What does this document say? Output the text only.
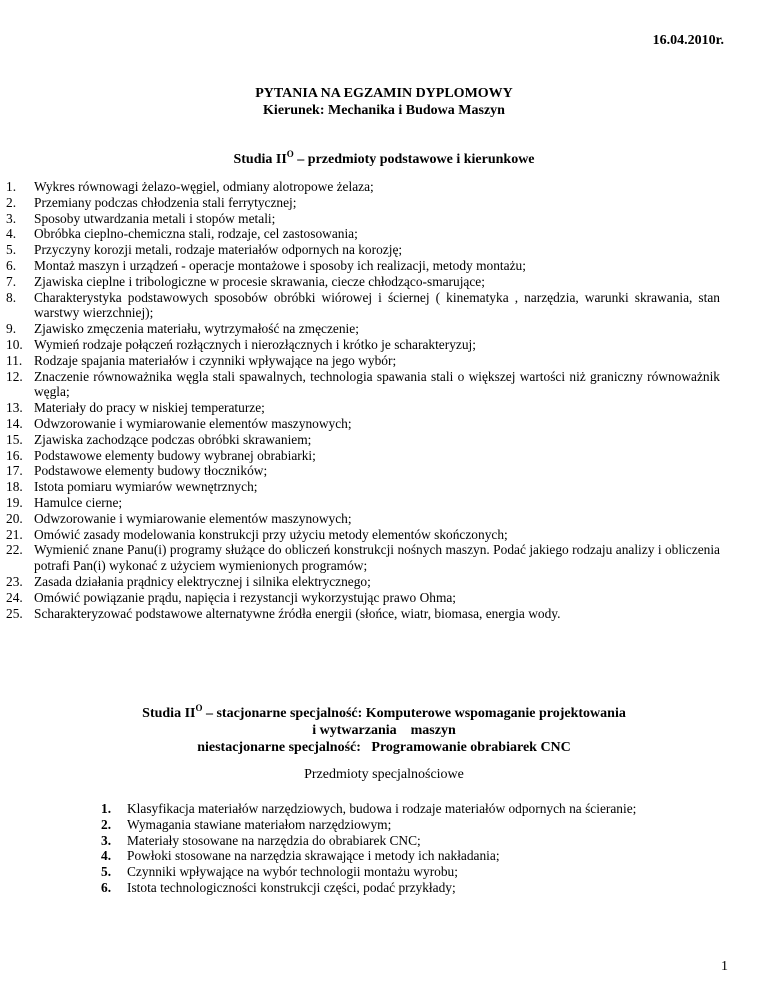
16.04.2010r.
PYTANIA NA EGZAMIN DYPLOMOWY
Kierunek: Mechanika i Budowa Maszyn
Studia $II^O$ – przedmioty podstawowe i kierunkowe
1. Wykres równowagi żelazo-węgiel, odmiany alotropowe żelaza;
2. Przemiany podczas chłodzenia stali ferrytycznej;
3. Sposoby utwardzania metali i stopów metali;
4. Obróbka cieplno-chemiczna stali, rodzaje, cel zastosowania;
5. Przyczyny korozji metali, rodzaje materiałów odpornych na korozję;
6. Montaż maszyn i urządzeń - operacje montażowe i sposoby ich realizacji, metody montażu;
7. Zjawiska cieplne i tribologiczne w procesie skrawania, ciecze chłodząco-smarujące;
8. Charakterystyka podstawowych sposobów obróbki wiórowej i ściernej ( kinematyka , narzędzia, warunki skrawania, stan warstwy wierzchniej);
9. Zjawisko zmęczenia materiału, wytrzymałość na zmęczenie;
10. Wymień rodzaje połączeń rozłącznych i nierozłącznych i krótko je scharakteryzuj;
11. Rodzaje spajania materiałów i czynniki wpływające na jego wybór;
12. Znaczenie równoważnika węgla stali spawalnych, technologia spawania stali o większej wartości niż graniczny równoważnik węgla;
13. Materiały do pracy w niskiej temperaturze;
14. Odwzorowanie i wymiarowanie elementów maszynowych;
15. Zjawiska zachodzące podczas obróbki skrawaniem;
16. Podstawowe elementy budowy wybranej obrabiarki;
17. Podstawowe elementy budowy tłoczników;
18. Istota pomiaru wymiarów wewnętrznych;
19. Hamulce cierne;
20. Odwzorowanie i wymiarowanie elementów maszynowych;
21. Omówić zasady modelowania konstrukcji przy użyciu metody elementów skończonych;
22. Wymienić znane Panu(i) programy służące do obliczeń konstrukcji nośnych maszyn. Podać jakiego rodzaju analizy i obliczenia potrafi Pan(i) wykonać z użyciem wymienionych programów;
23. Zasada działania prądnicy elektrycznej i silnika elektrycznego;
24. Omówić powiązanie prądu, napięcia i rezystancji wykorzystując prawo Ohma;
25. Scharakteryzować podstawowe alternatywne źródła energii (słońce, wiatr, biomasa, energia wody.
Studia $II^O$ – stacjonarne specjalność: Komputerowe wspomaganie projektowania
i wytwarzania    maszyn
niestacjonarne specjalność:   Programowanie obrabiarek CNC
Przedmioty specjalnościowe
1. Klasyfikacja materiałów narzędziowych, budowa i rodzaje materiałów odpornych na ścieranie;
2. Wymagania stawiane materiałom narzędziowym;
3. Materiały stosowane na narzędzia do obrabiarek CNC;
4. Powłoki stosowane na narzędzia skrawające i metody ich nakładania;
5. Czynniki wpływające na wybór technologii montażu wyrobu;
6. Istota technologiczności konstrukcji części, podać przykłady;
1
